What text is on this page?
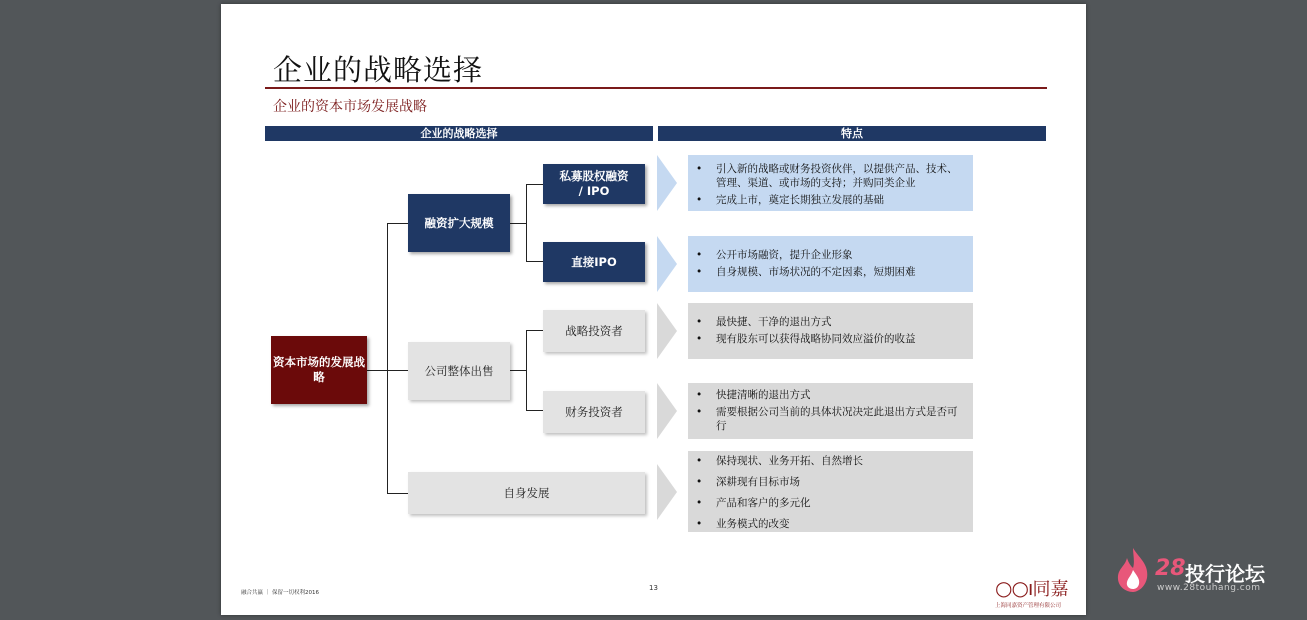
企业的战略选择
企业的资本市场发展战略
企业的战略选择	特点
资本市场的发展战略
融资扩大规模
私募股权融资 / IPO
直接IPO
公司整体出售
战略投资者
财务投资者
自身发展
• 引入新的战略或财务投资伙伴，以提供产品、技术、管理、渠道、或市场的支持；并购同类企业
• 完成上市，奠定长期独立发展的基础
• 公开市场融资，提升企业形象
• 自身规模、市场状况的不定因素，短期困难
• 最快捷、干净的退出方式
• 现有股东可以获得战略协同效应溢价的收益
• 快捷清晰的退出方式
• 需要根据公司当前的具体状况决定此退出方式是否可行
• 保持现状、业务开拓、自然增长
• 深耕现有目标市场
• 产品和客户的多元化
• 业务模式的改变
融合共赢 ｜ 保留一切权利2016
13	○○ı同嘉
上海同嘉资产管理有限公司
28 投行论坛
www.28touhang.com
